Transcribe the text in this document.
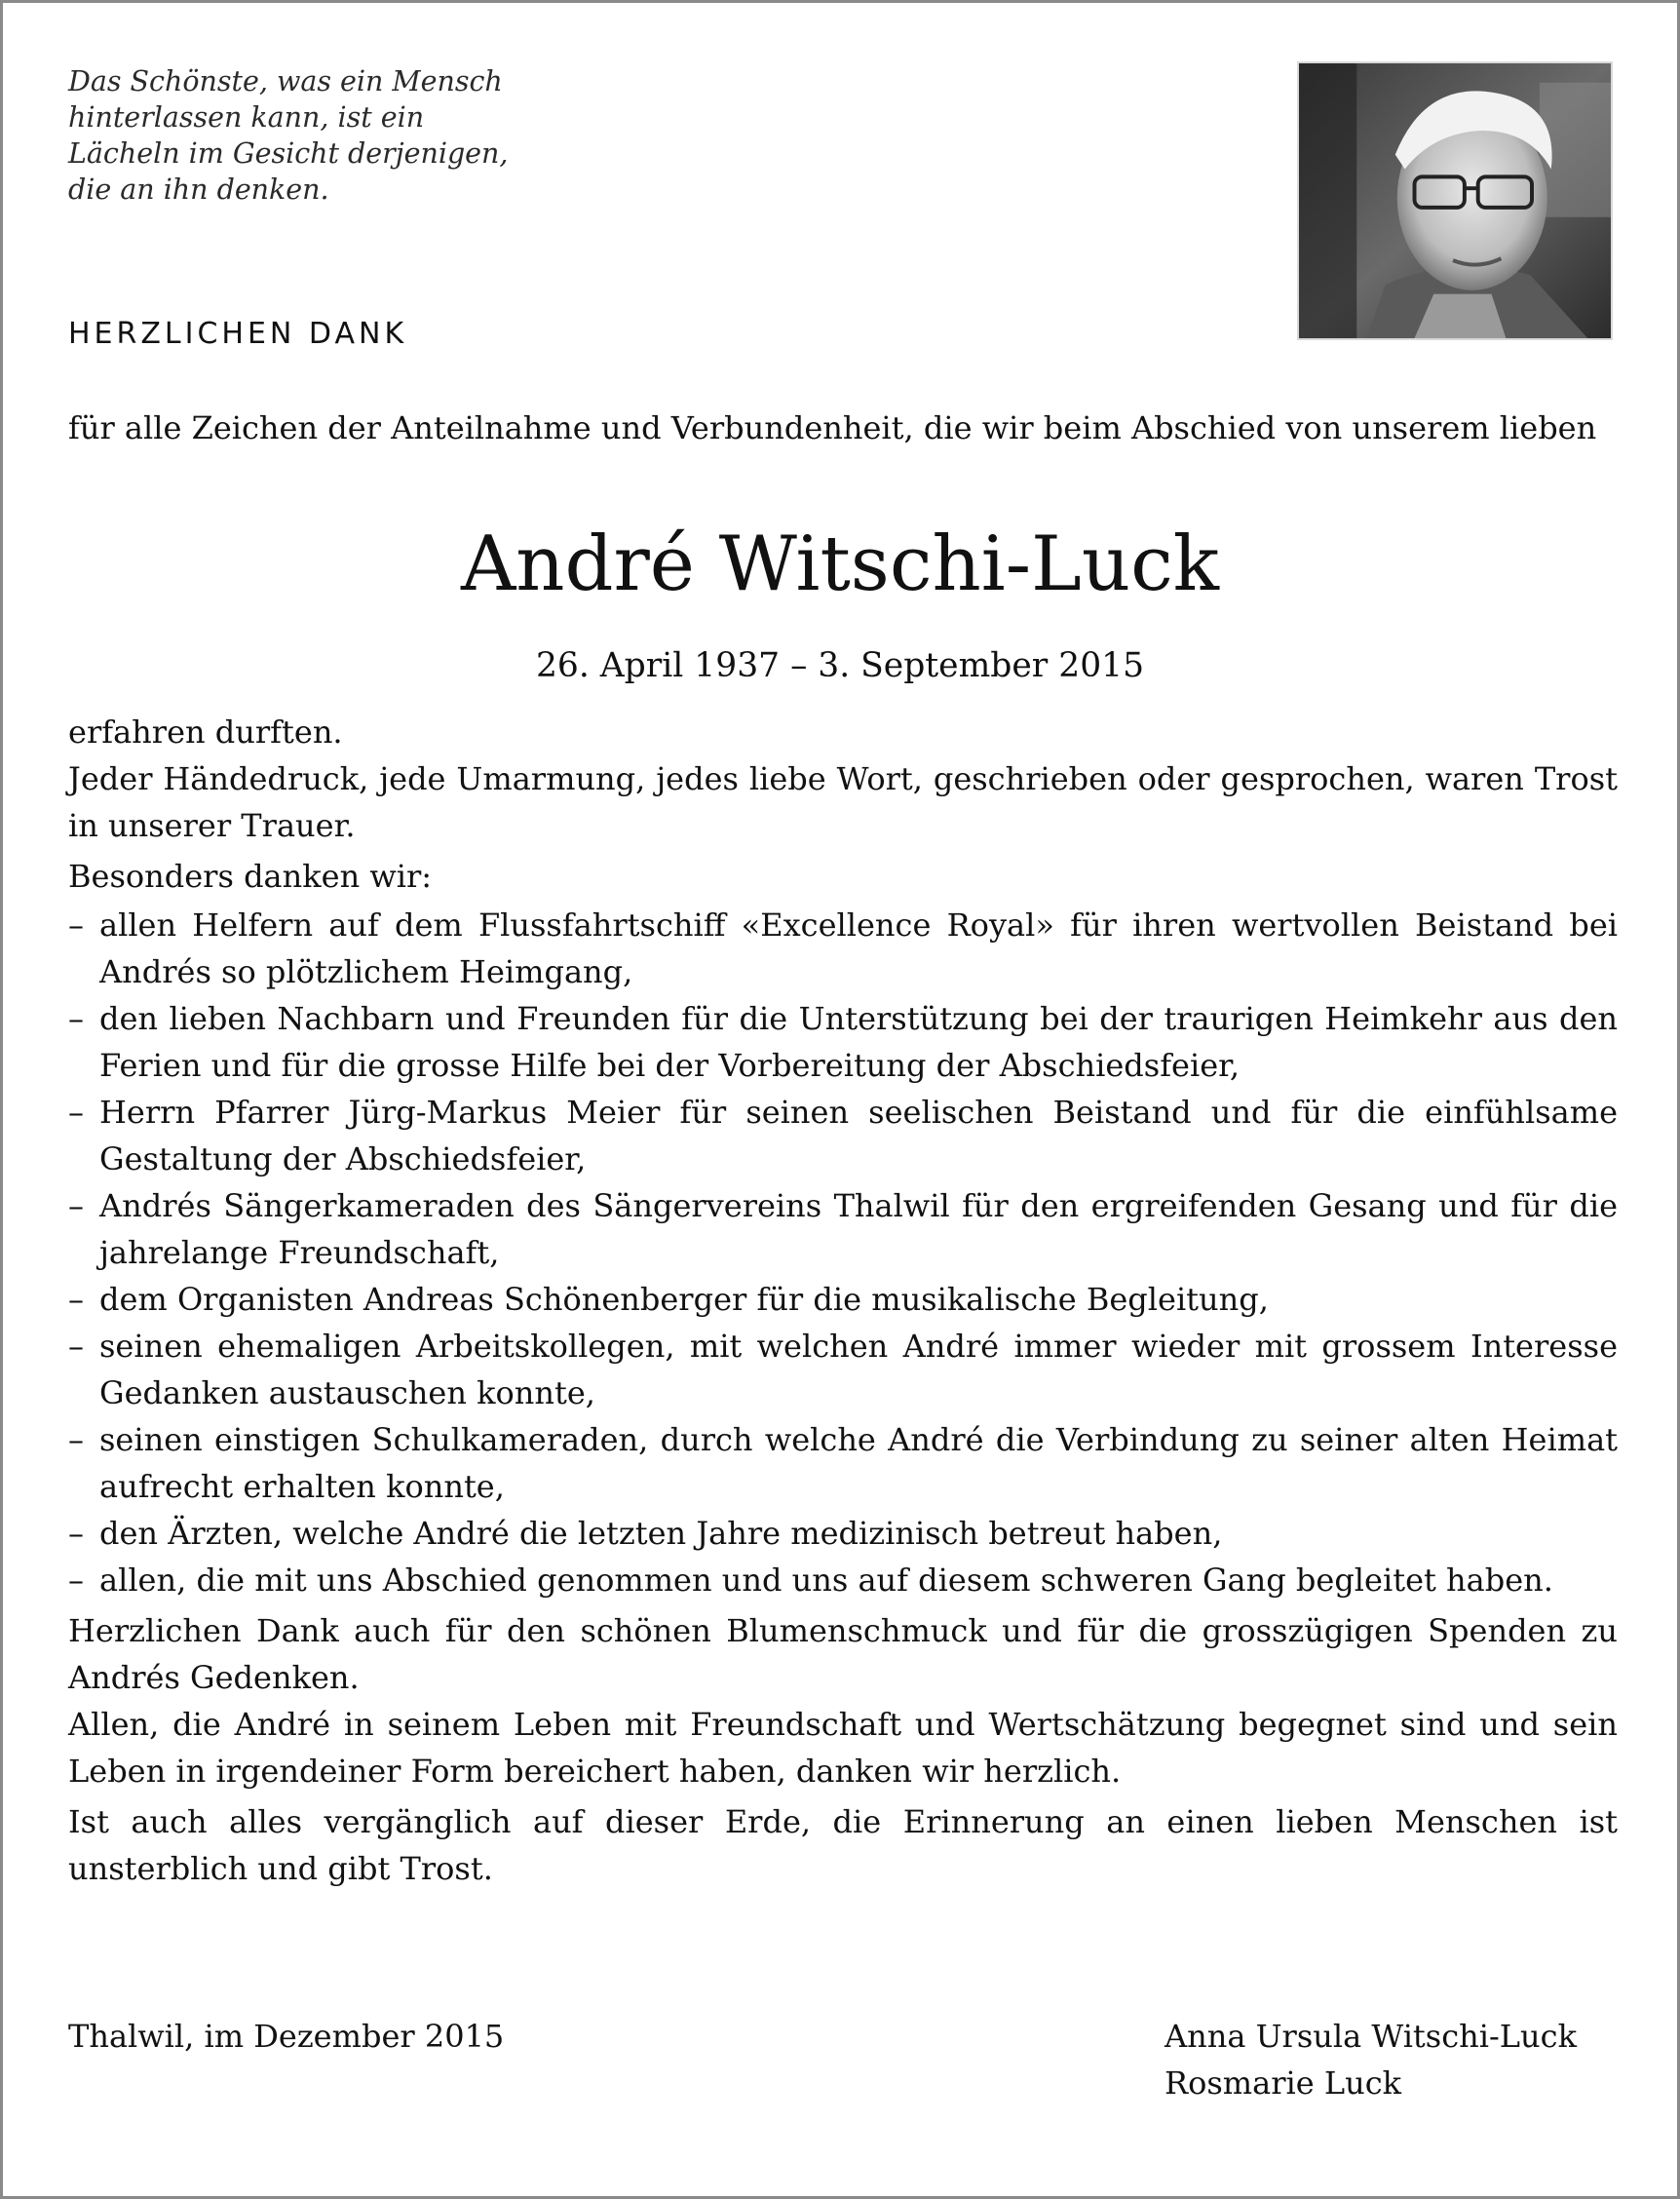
Das Schönste, was ein Mensch
hinterlassen kann, ist ein
Lächeln im Gesicht derjenigen,
die an ihn denken.
HERZLICHEN DANK

für alle Zeichen der Anteilnahme und Verbundenheit, die wir beim Abschied von unserem lieben

André Witschi-Luck

26. April 1937 – 3. September 2015

erfahren durften.

Jeder Händedruck, jede Umarmung, jedes liebe Wort, geschrieben oder gesprochen, waren Trost in unserer Trauer.

Besonders danken wir:

– allen Helfern auf dem Flussfahrtschiff «Excellence Royal» für ihren wertvollen Beistand bei Andrés so plötzlichem Heimgang,
– den lieben Nachbarn und Freunden für die Unterstützung bei der traurigen Heimkehr aus den Ferien und für die grosse Hilfe bei der Vorbereitung der Abschiedsfeier,
– Herrn Pfarrer Jürg-Markus Meier für seinen seelischen Beistand und für die einfühlsame Gestaltung der Abschiedsfeier,
– Andrés Sängerkameraden des Sängervereins Thalwil für den ergreifenden Gesang und für die jahrelange Freundschaft,
– dem Organisten Andreas Schönenberger für die musikalische Begleitung,
– seinen ehemaligen Arbeitskollegen, mit welchen André immer wieder mit grossem Interesse Gedanken austauschen konnte,
– seinen einstigen Schulkameraden, durch welche André die Verbindung zu seiner alten Heimat aufrecht erhalten konnte,
– den Ärzten, welche André die letzten Jahre medizinisch betreut haben,
– allen, die mit uns Abschied genommen und uns auf diesem schweren Gang begleitet haben.

Herzlichen Dank auch für den schönen Blumenschmuck und für die grosszügigen Spenden zu Andrés Gedenken.

Allen, die André in seinem Leben mit Freundschaft und Wertschätzung begegnet sind und sein Leben in irgendeiner Form bereichert haben, danken wir herzlich.

Ist auch alles vergänglich auf dieser Erde, die Erinnerung an einen lieben Menschen ist unsterblich und gibt Trost.

Thalwil, im Dezember 2015	Anna Ursula Witschi-Luck
Rosmarie Luck
